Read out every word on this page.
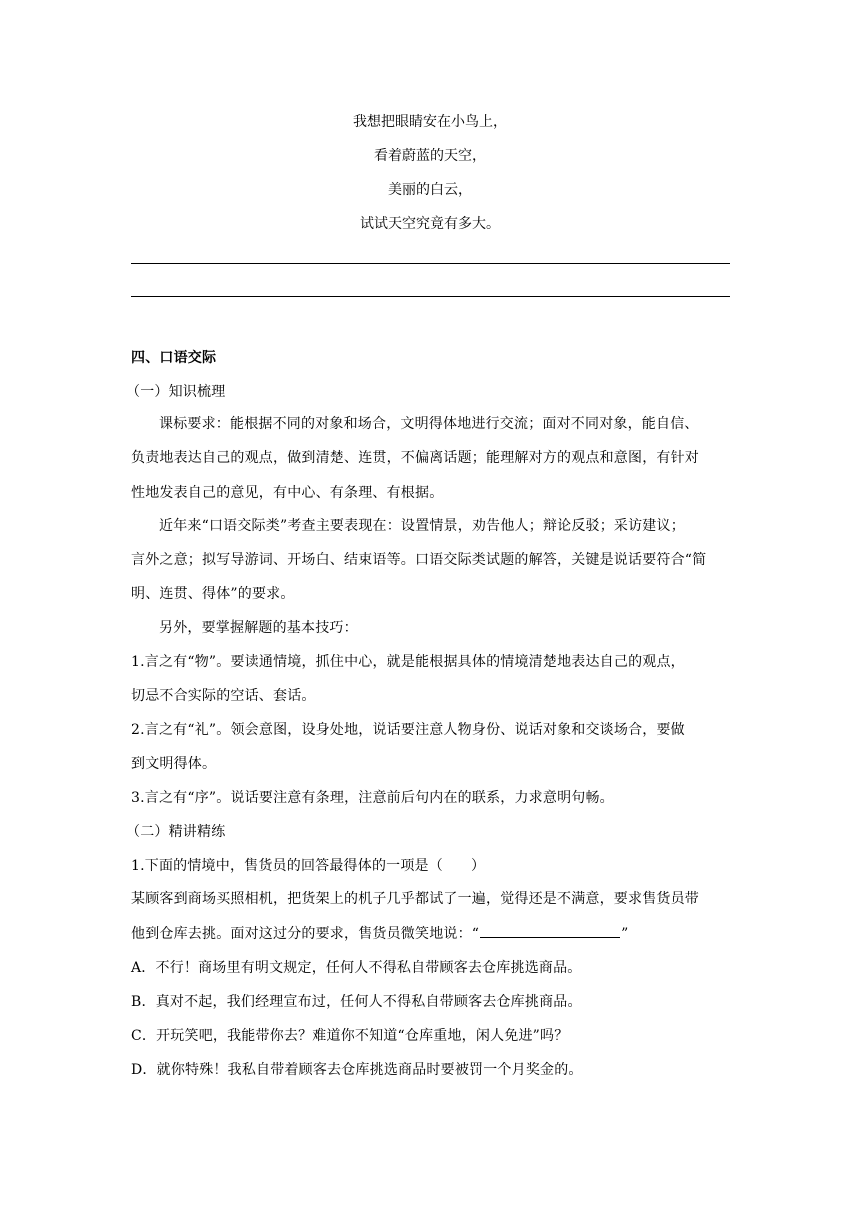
我想把眼睛安在小鸟上，
看着蔚蓝的天空，
美丽的白云，
试试天空究竟有多大。
四、口语交际
（一）知识梳理
课标要求：能根据不同的对象和场合，文明得体地进行交流；面对不同对象，能自信、
负责地表达自己的观点，做到清楚、连贯，不偏离话题；能理解对方的观点和意图，有针对
性地发表自己的意见，有中心、有条理、有根据。
近年来“口语交际类”考查主要表现在：设置情景，劝告他人；辩论反驳；采访建议；
言外之意；拟写导游词、开场白、结束语等。口语交际类试题的解答，关键是说话要符合“简
明、连贯、得体”的要求。
另外，要掌握解题的基本技巧：
1.言之有“物”。要读通情境，抓住中心，就是能根据具体的情境清楚地表达自己的观点，
切忌不合实际的空话、套话。
2.言之有“礼”。领会意图，设身处地，说话要注意人物身份、说话对象和交谈场合，要做
到文明得体。
3.言之有“序”。说话要注意有条理，注意前后句内在的联系，力求意明句畅。
（二）精讲精练
1.下面的情境中，售货员的回答最得体的一项是（ ）
某顾客到商场买照相机，把货架上的机子几乎都试了一遍，觉得还是不满意，要求售货员带
他到仓库去挑。面对这过分的要求，售货员微笑地说：“	”
A．不行！商场里有明文规定，任何人不得私自带顾客去仓库挑选商品。
B．真对不起，我们经理宣布过，任何人不得私自带顾客去仓库挑商品。
C．开玩笑吧，我能带你去？难道你不知道“仓库重地，闲人免进”吗？
D．就你特殊！我私自带着顾客去仓库挑选商品时要被罚一个月奖金的。
